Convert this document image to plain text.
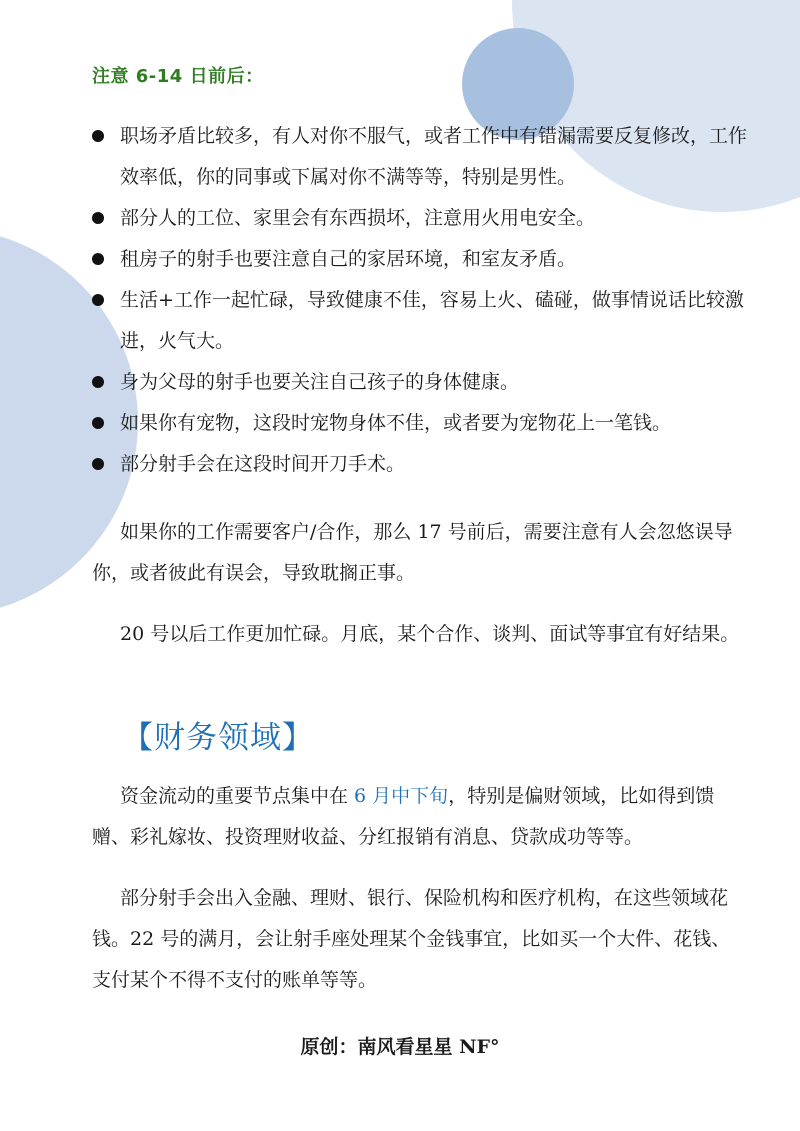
注意 6-14 日前后：
职场矛盾比较多，有人对你不服气，或者工作中有错漏需要反复修改，工作效率低，你的同事或下属对你不满等等，特别是男性。
部分人的工位、家里会有东西损坏，注意用火用电安全。
租房子的射手也要注意自己的家居环境，和室友矛盾。
生活+工作一起忙碌，导致健康不佳，容易上火、磕碰，做事情说话比较激进，火气大。
身为父母的射手也要关注自己孩子的身体健康。
如果你有宠物，这段时宠物身体不佳，或者要为宠物花上一笔钱。
部分射手会在这段时间开刀手术。

如果你的工作需要客户/合作，那么 17 号前后，需要注意有人会忽悠误导你，或者彼此有误会，导致耽搁正事。

20 号以后工作更加忙碌。月底，某个合作、谈判、面试等事宜有好结果。

【财务领域】

资金流动的重要节点集中在 6 月中下旬，特别是偏财领域，比如得到馈赠、彩礼嫁妆、投资理财收益、分红报销有消息、贷款成功等等。

部分射手会出入金融、理财、银行、保险机构和医疗机构，在这些领域花钱。22 号的满月，会让射手座处理某个金钱事宜，比如买一个大件、花钱、支付某个不得不支付的账单等等。

原创：南风看星星 NF°
